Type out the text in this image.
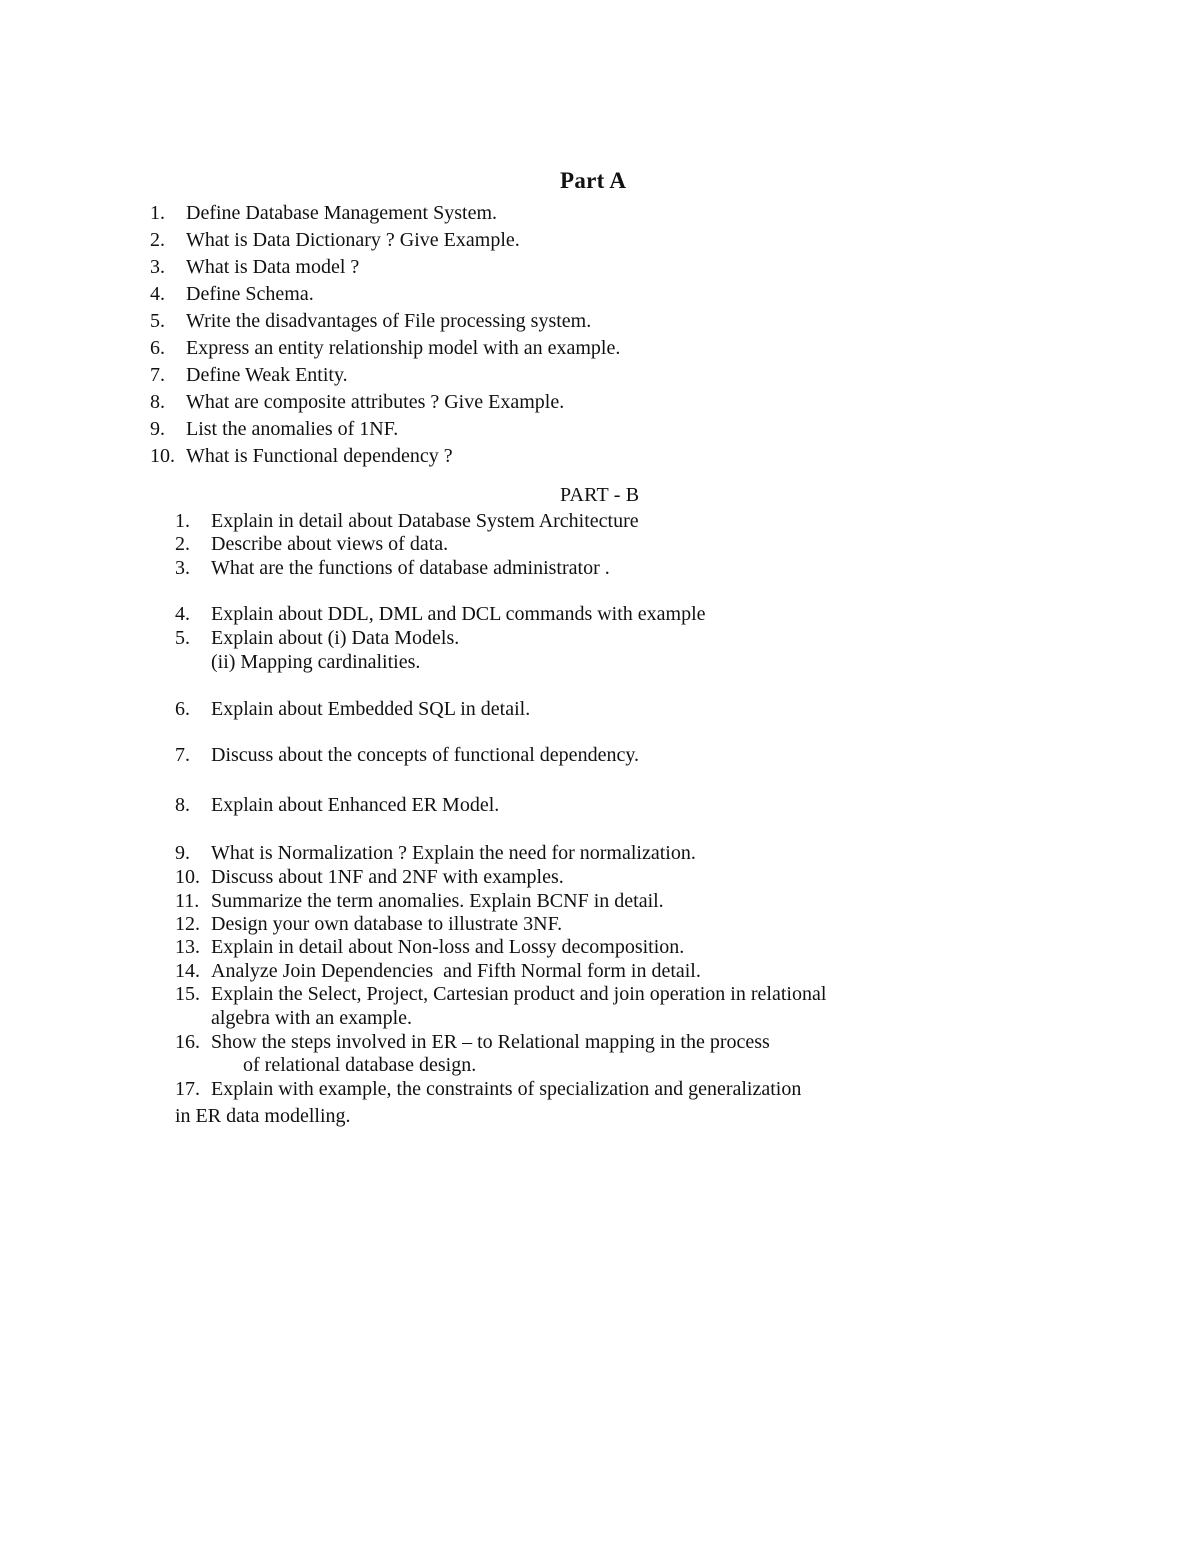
Part A
1. Define Database Management System.
2. What is Data Dictionary ? Give Example.
3. What is Data model ?
4. Define Schema.
5. Write the disadvantages of File processing system.
6. Express an entity relationship model with an example.
7. Define Weak Entity.
8. What are composite attributes ? Give Example.
9. List the anomalies of 1NF.
10. What is Functional dependency ?
PART - B
1. Explain in detail about Database System Architecture
2. Describe about views of data.
3. What are the functions of database administrator .
4. Explain about DDL, DML and DCL commands with example
5. Explain about (i) Data Models.
(ii) Mapping cardinalities.
6. Explain about Embedded SQL in detail.
7. Discuss about the concepts of functional dependency.
8. Explain about Enhanced ER Model.
9. What is Normalization ? Explain the need for normalization.
10. Discuss about 1NF and 2NF with examples.
11. Summarize the term anomalies. Explain BCNF in detail.
12. Design your own database to illustrate 3NF.
13. Explain in detail about Non-loss and Lossy decomposition.
14. Analyze Join Dependencies  and Fifth Normal form in detail.
15. Explain the Select, Project, Cartesian product and join operation in relational
algebra with an example.
16. Show the steps involved in ER – to Relational mapping in the process
of relational database design.
17. Explain with example, the constraints of specialization and generalization
in ER data modelling.
